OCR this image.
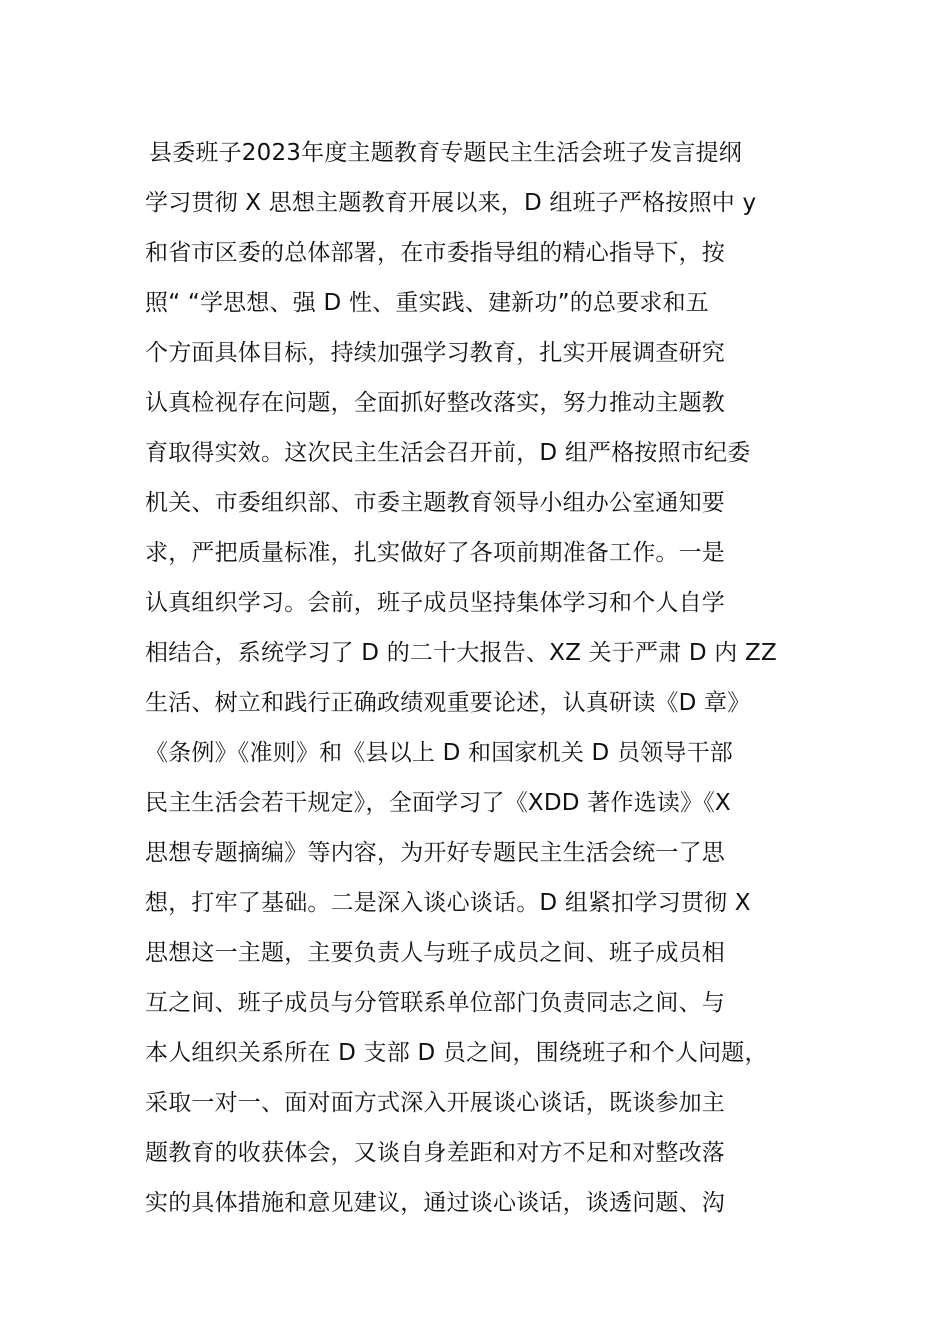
县委班子2023年度主题教育专题民主生活会班子发言提纲
学习贯彻 X 思想主题教育开展以来，D 组班子严格按照中 y
和省市区委的总体部署，在市委指导组的精心指导下，按
照“ “学思想、强 D 性、重实践、建新功”的总要求和五
个方面具体目标，持续加强学习教育，扎实开展调查研究
认真检视存在问题，全面抓好整改落实，努力推动主题教
育取得实效。这次民主生活会召开前，D 组严格按照市纪委
机关、市委组织部、市委主题教育领导小组办公室通知要
求，严把质量标准，扎实做好了各项前期准备工作。一是
认真组织学习。会前，班子成员坚持集体学习和个人自学
相结合，系统学习了 D 的二十大报告、XZ 关于严肃 D 内 ZZ
生活、树立和践行正确政绩观重要论述，认真研读《D 章》
《条例》《准则》和《县以上 D 和国家机关 D 员领导干部
民主生活会若干规定》，全面学习了《XDD 著作选读》《X
思想专题摘编》等内容，为开好专题民主生活会统一了思
想，打牢了基础。二是深入谈心谈话。D 组紧扣学习贯彻 X
思想这一主题，主要负责人与班子成员之间、班子成员相
互之间、班子成员与分管联系单位部门负责同志之间、与
本人组织关系所在 D 支部 D 员之间，围绕班子和个人问题，
采取一对一、面对面方式深入开展谈心谈话，既谈参加主
题教育的收获体会，又谈自身差距和对方不足和对整改落
实的具体措施和意见建议，通过谈心谈话，谈透问题、沟
